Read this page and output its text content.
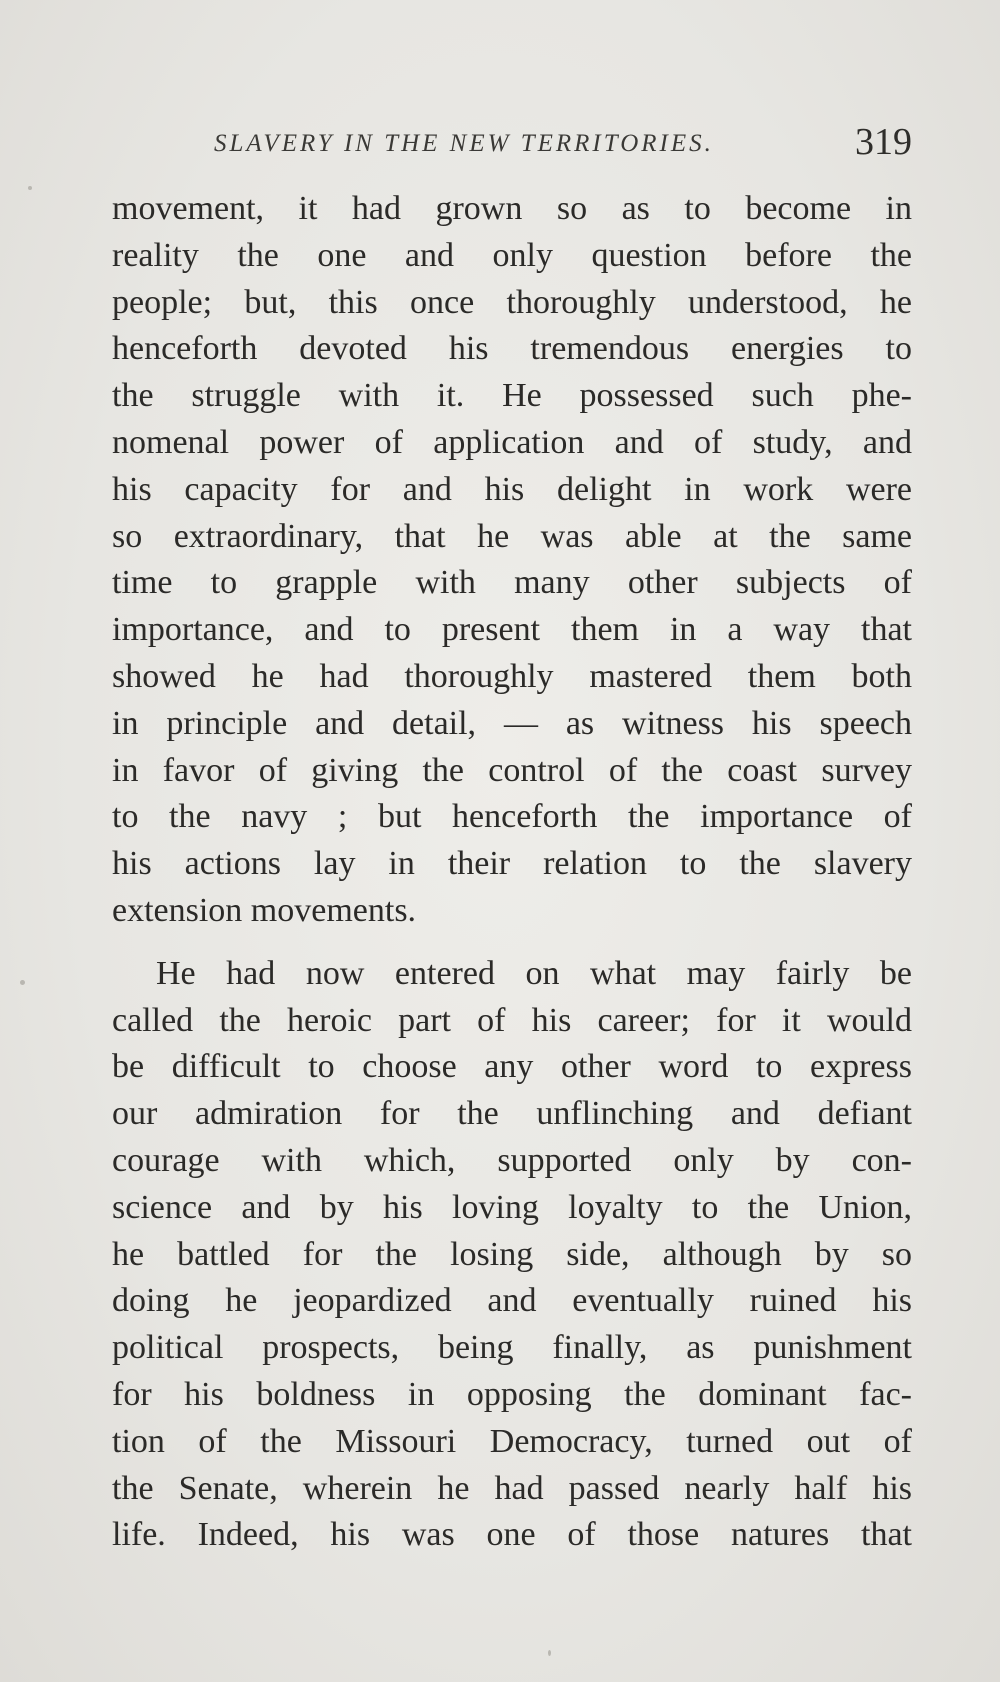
SLAVERY IN THE NEW TERRITORIES.	319
movement, it had grown so as to become in
reality the one and only question before the
people; but, this once thoroughly understood, he
henceforth devoted his tremendous energies to
the struggle with it. He possessed such phe-
nomenal power of application and of study, and
his capacity for and his delight in work were
so extraordinary, that he was able at the same
time to grapple with many other subjects of
importance, and to present them in a way that
showed he had thoroughly mastered them both
in principle and detail, — as witness his speech
in favor of giving the control of the coast survey
to the navy ; but henceforth the importance of
his actions lay in their relation to the slavery
extension movements.
He had now entered on what may fairly be
called the heroic part of his career; for it would
be difficult to choose any other word to express
our admiration for the unflinching and defiant
courage with which, supported only by con-
science and by his loving loyalty to the Union,
he battled for the losing side, although by so
doing he jeopardized and eventually ruined his
political prospects, being finally, as punishment
for his boldness in opposing the dominant fac-
tion of the Missouri Democracy, turned out of
the Senate, wherein he had passed nearly half his
life. Indeed, his was one of those natures that
